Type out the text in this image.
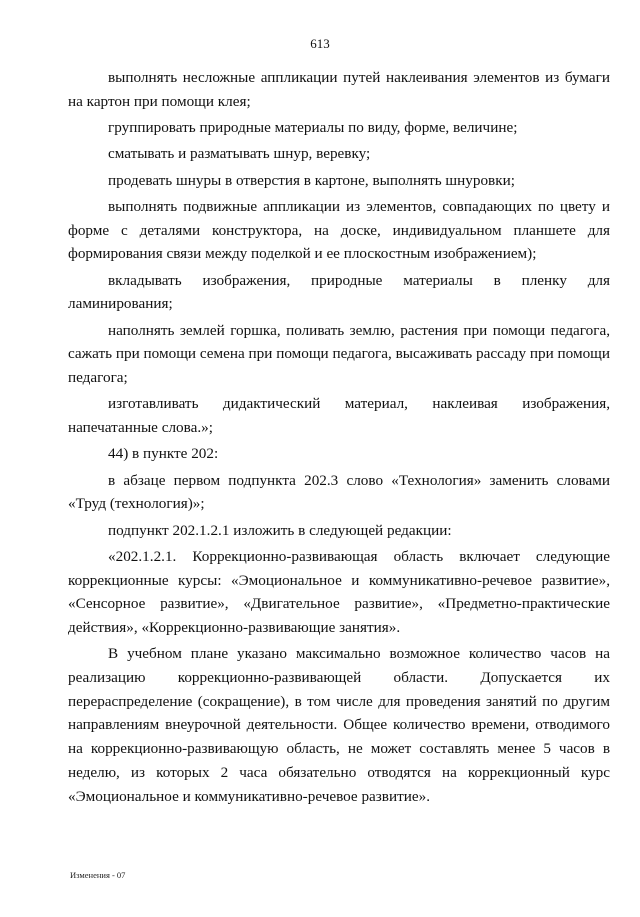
613

выполнять несложные аппликации путей наклеивания элементов из бумаги на картон при помощи клея;

группировать природные материалы по виду, форме, величине;

сматывать и разматывать шнур, веревку;

продевать шнуры в отверстия в картоне, выполнять шнуровки;

выполнять подвижные аппликации из элементов, совпадающих по цвету и форме с деталями конструктора, на доске, индивидуальном планшете для формирования связи между поделкой и ее плоскостным изображением);

вкладывать изображения, природные материалы в пленку для ламинирования;

наполнять землей горшка, поливать землю, растения при помощи педагога, сажать при помощи семена при помощи педагога, высаживать рассаду при помощи педагога;

изготавливать дидактический материал, наклеивая изображения, напечатанные слова.»;

44) в пункте 202:

в абзаце первом подпункта 202.3 слово «Технология» заменить словами «Труд (технология)»;

подпункт 202.1.2.1 изложить в следующей редакции:

«202.1.2.1. Коррекционно-развивающая область включает следующие коррекционные курсы: «Эмоциональное и коммуникативно-речевое развитие», «Сенсорное развитие», «Двигательное развитие», «Предметно-практические действия», «Коррекционно-развивающие занятия».

В учебном плане указано максимально возможное количество часов на реализацию коррекционно-развивающей области. Допускается их перераспределение (сокращение), в том числе для проведения занятий по другим направлениям внеурочной деятельности. Общее количество времени, отводимого на коррекционно-развивающую область, не может составлять менее 5 часов в неделю, из которых 2 часа обязательно отводятся на коррекционный курс «Эмоциональное и коммуникативно-речевое развитие».

Изменения - 07
